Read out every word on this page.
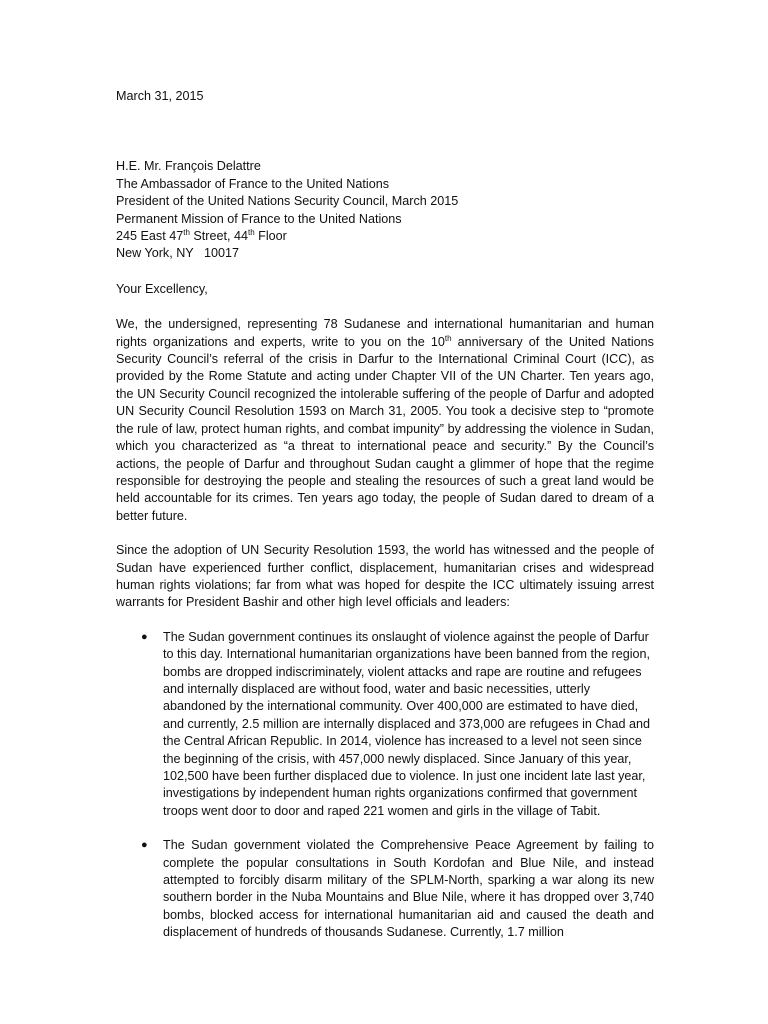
March 31, 2015

H.E. Mr. François Delattre

The Ambassador of France to the United Nations

President of the United Nations Security Council, March 2015

Permanent Mission of France to the United Nations

245 East 47th Street, 44th Floor

New York, NY   10017

Your Excellency,

We, the undersigned, representing 78 Sudanese and international humanitarian and human rights organizations and experts, write to you on the 10th anniversary of the United Nations Security Council’s referral of the crisis in Darfur to the International Criminal Court (ICC), as provided by the Rome Statute and acting under Chapter VII of the UN Charter. Ten years ago, the UN Security Council recognized the intolerable suffering of the people of Darfur and adopted UN Security Council Resolution 1593 on March 31, 2005. You took a decisive step to “promote the rule of law, protect human rights, and combat impunity” by addressing the violence in Sudan, which you characterized as “a threat to international peace and security.” By the Council’s actions, the people of Darfur and throughout Sudan caught a glimmer of hope that the regime responsible for destroying the people and stealing the resources of such a great land would be held accountable for its crimes. Ten years ago today, the people of Sudan dared to dream of a better future.

Since the adoption of UN Security Resolution 1593, the world has witnessed and the people of Sudan have experienced further conflict, displacement, humanitarian crises and widespread human rights violations; far from what was hoped for despite the ICC ultimately issuing arrest warrants for President Bashir and other high level officials and leaders:

● The Sudan government continues its onslaught of violence against the people of Darfur to this day. International humanitarian organizations have been banned from the region, bombs are dropped indiscriminately, violent attacks and rape are routine and refugees and internally displaced are without food, water and basic necessities, utterly abandoned by the international community. Over 400,000 are estimated to have died, and currently, 2.5 million are internally displaced and 373,000 are refugees in Chad and the Central African Republic. In 2014, violence has increased to a level not seen since the beginning of the crisis, with 457,000 newly displaced. Since January of this year, 102,500 have been further displaced due to violence. In just one incident late last year, investigations by independent human rights organizations confirmed that government troops went door to door and raped 221 women and girls in the village of Tabit.
● The Sudan government violated the Comprehensive Peace Agreement by failing to complete the popular consultations in South Kordofan and Blue Nile, and instead attempted to forcibly disarm military of the SPLM-North, sparking a war along its new southern border in the Nuba Mountains and Blue Nile, where it has dropped over 3,740 bombs, blocked access for international humanitarian aid and caused the death and displacement of hundreds of thousands Sudanese. Currently, 1.7 million
